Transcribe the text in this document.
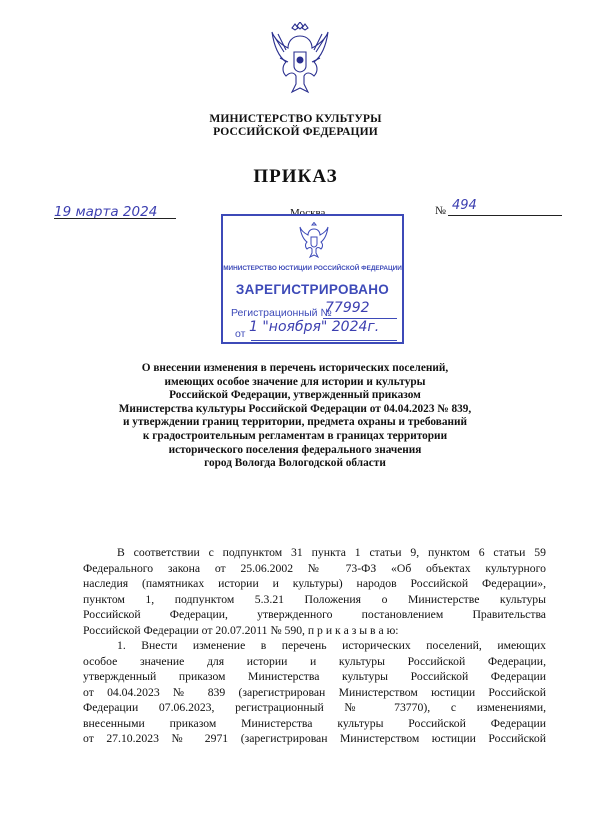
МИНИСТЕРСТВО КУЛЬТУРЫ
РОССИЙСКОЙ ФЕДЕРАЦИИ
ПРИКАЗ
19 марта 2024	Москва	№ 494
МИНИСТЕРСТВО ЮСТИЦИИ РОССИЙСКОЙ ФЕДЕРАЦИИ
ЗАРЕГИСТРИРОВАНО
Регистрационный №
77992
от 1 "ноября" 2024г.
О внесении изменения в перечень исторических поселений,
имеющих особое значение для истории и культуры
Российской Федерации, утвержденный приказом
Министерства культуры Российской Федерации от 04.04.2023 № 839,
и утверждении границ территории, предмета охраны и требований
к градостроительным регламентам в границах территории
исторического поселения федерального значения
город Вологда Вологодской области
В соответствии с подпунктом 31 пункта 1 статьи 9, пунктом 6 статьи 59
Федерального закона от 25.06.2002 № 73-ФЗ «Об объектах культурного
наследия (памятниках истории и культуры) народов Российской Федерации»,
пунктом 1, подпунктом 5.3.21 Положения о Министерстве культуры
Российской Федерации, утвержденного постановлением Правительства
Российской Федерации от 20.07.2011 № 590, п р и к а з ы в а ю:
1. Внести изменение в перечень исторических поселений, имеющих
особое значение для истории и культуры Российской Федерации,
утвержденный приказом Министерства культуры Российской Федерации
от 04.04.2023 № 839 (зарегистрирован Министерством юстиции Российской
Федерации 07.06.2023, регистрационный № 73770), с изменениями,
внесенными приказом Министерства культуры Российской Федерации
от 27.10.2023 № 2971 (зарегистрирован Министерством юстиции Российской
